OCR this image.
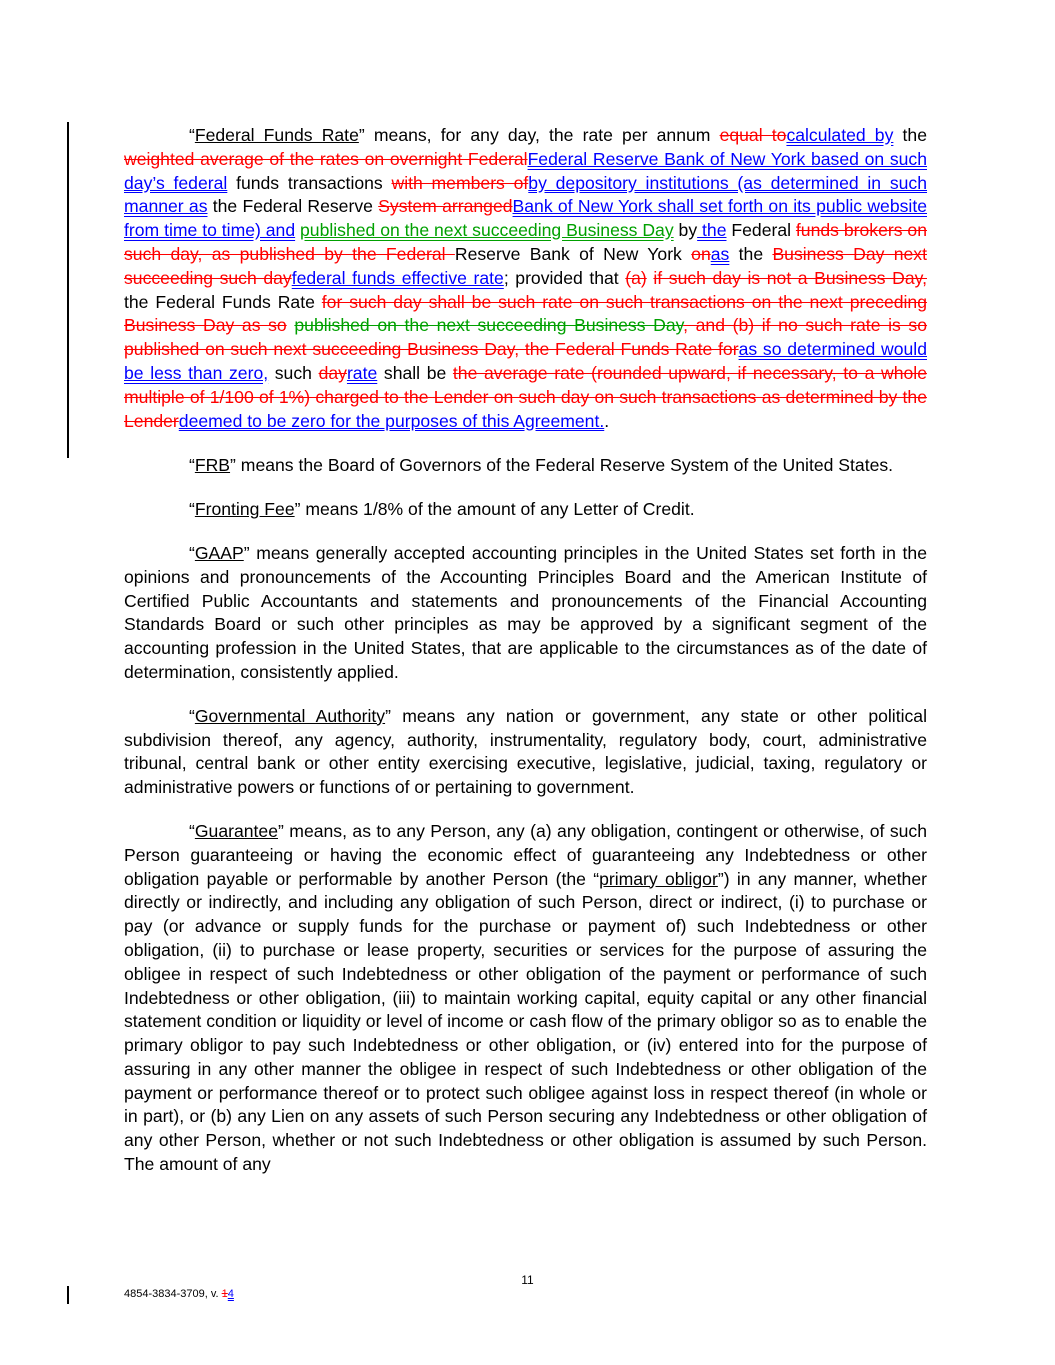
“Federal Funds Rate” means, for any day, the rate per annum equal tocalculated by the weighted average of the rates on overnight FederalFederal Reserve Bank of New York based on such day’s federal funds transactions with members ofby depository institutions (as determined in such manner as the Federal Reserve System arrangedBank of New York shall set forth on its public website from time to time) and published on the next succeeding Business Day by the Federal funds brokers on such day, as published by the Federal Reserve Bank of New York onas the Business Day next succeeding such dayfederal funds effective rate; provided that (a) if such day is not a Business Day, the Federal Funds Rate for such day shall be such rate on such transactions on the next preceding Business Day as so published on the next succeeding Business Day, and (b) if no such rate is so published on such next succeeding Business Day, the Federal Funds Rate foras so determined would be less than zero, such dayrate shall be the average rate (rounded upward, if necessary, to a whole multiple of 1/100 of 1%) charged to the Lender on such day on such transactions as determined by the Lenderdeemed to be zero for the purposes of this Agreement..

“FRB” means the Board of Governors of the Federal Reserve System of the United States.

“Fronting Fee” means 1/8% of the amount of any Letter of Credit.

“GAAP” means generally accepted accounting principles in the United States set forth in the opinions and pronouncements of the Accounting Principles Board and the American Institute of Certified Public Accountants and statements and pronouncements of the Financial Accounting Standards Board or such other principles as may be approved by a significant segment of the accounting profession in the United States, that are applicable to the circumstances as of the date of determination, consistently applied.

“Governmental Authority” means any nation or government, any state or other political subdivision thereof, any agency, authority, instrumentality, regulatory body, court, administrative tribunal, central bank or other entity exercising executive, legislative, judicial, taxing, regulatory or administrative powers or functions of or pertaining to government.

“Guarantee” means, as to any Person, any (a) any obligation, contingent or otherwise, of such Person guaranteeing or having the economic effect of guaranteeing any Indebtedness or other obligation payable or performable by another Person (the “primary obligor”) in any manner, whether directly or indirectly, and including any obligation of such Person, direct or indirect, (i) to purchase or pay (or advance or supply funds for the purchase or payment of) such Indebtedness or other obligation, (ii) to purchase or lease property, securities or services for the purpose of assuring the obligee in respect of such Indebtedness or other obligation of the payment or performance of such Indebtedness or other obligation, (iii) to maintain working capital, equity capital or any other financial statement condition or liquidity or level of income or cash flow of the primary obligor so as to enable the primary obligor to pay such Indebtedness or other obligation, or (iv) entered into for the purpose of assuring in any other manner the obligee in respect of such Indebtedness or other obligation of the payment or performance thereof or to protect such obligee against loss in respect thereof (in whole or in part), or (b) any Lien on any assets of such Person securing any Indebtedness or other obligation of any other Person, whether or not such Indebtedness or other obligation is assumed by such Person. The amount of any

11
4854-3834-3709, v. 14
